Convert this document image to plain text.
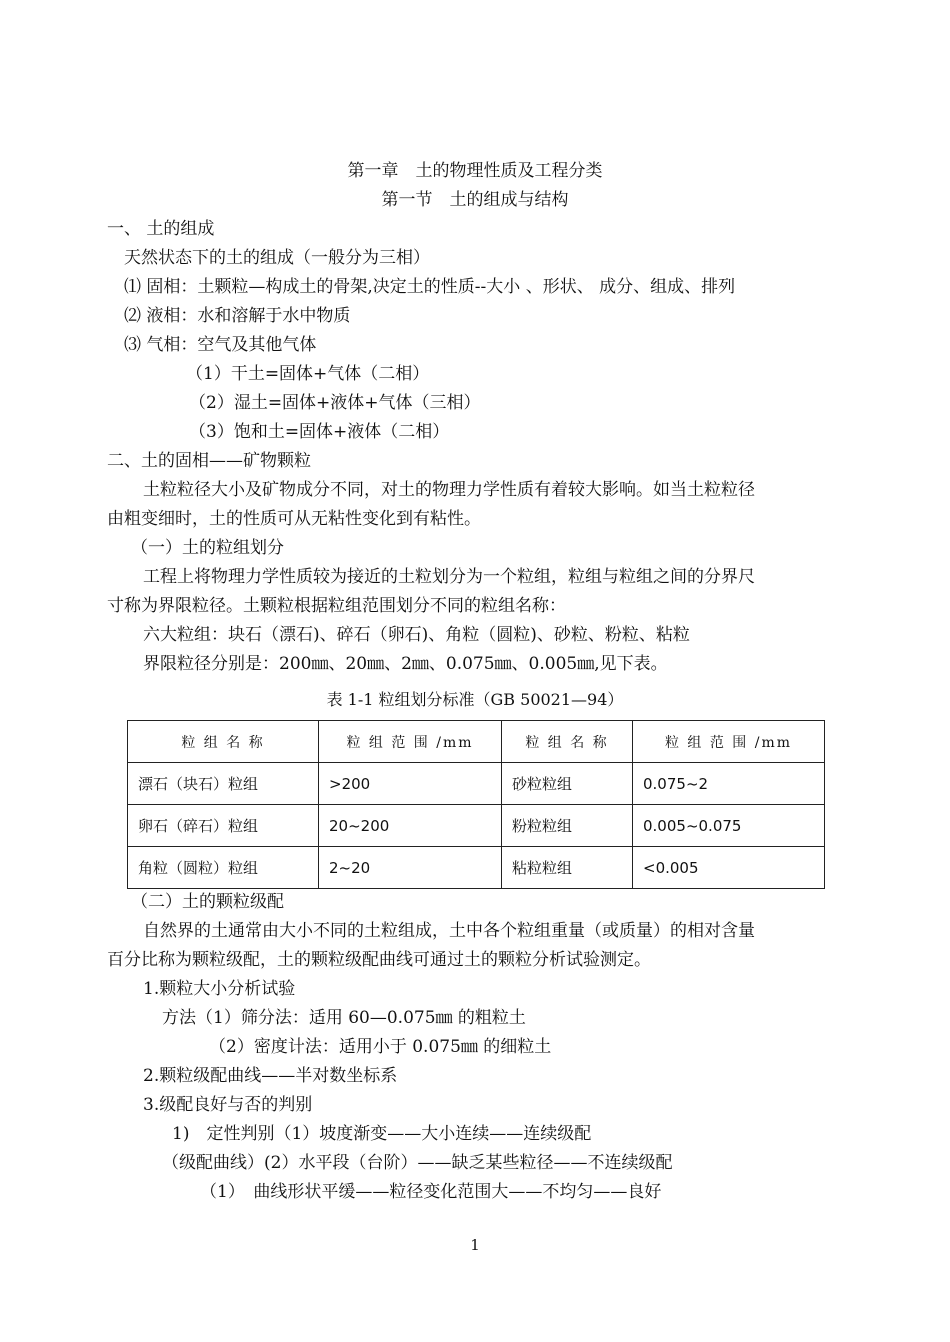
第一章　土的物理性质及工程分类
第一节　土的组成与结构
一、 土的组成
天然状态下的土的组成（一般分为三相）
⑴ 固相：土颗粒—构成土的骨架,决定土的性质--大小 、形状、 成分、组成、排列
⑵ 液相：水和溶解于水中物质
⑶ 气相：空气及其他气体
（1）干土=固体+气体（二相）
（2）湿土=固体+液体+气体（三相）
（3）饱和土=固体+液体（二相）
二、土的固相——矿物颗粒
土粒粒径大小及矿物成分不同，对土的物理力学性质有着较大影响。如当土粒粒径
由粗变细时，土的性质可从无粘性变化到有粘性。
（一）土的粒组划分
工程上将物理力学性质较为接近的土粒划分为一个粒组，粒组与粒组之间的分界尺
寸称为界限粒径。土颗粒根据粒组范围划分不同的粒组名称：
六大粒组：块石（漂石)、碎石（卵石)、角粒（圆粒)、砂粒、粉粒、粘粒
界限粒径分别是：200㎜、20㎜、2㎜、0.075㎜、0.005㎜,见下表。
表 1-1 粒组划分标准（GB 50021—94）
粒 组 名 称	粒 组 范 围 /mm	粒 组 名 称	粒 组 范 围 /mm
漂石（块石）粒组	>200	砂粒粒组	0.075~2
卵石（碎石）粒组	20~200	粉粒粒组	0.005~0.075
角粒（圆粒）粒组	2~20	粘粒粒组	<0.005
（二）土的颗粒级配
自然界的土通常由大小不同的土粒组成，土中各个粒组重量（或质量）的相对含量
百分比称为颗粒级配，土的颗粒级配曲线可通过土的颗粒分析试验测定。
1.颗粒大小分析试验
方法（1）筛分法：适用 60—0.075㎜ 的粗粒土
（2）密度计法：适用小于 0.075㎜ 的细粒土
2.颗粒级配曲线——半对数坐标系
3.级配良好与否的判别
1)　定性判别（1）坡度渐变——大小连续——连续级配
（级配曲线）(2）水平段（台阶）——缺乏某些粒径——不连续级配
（1）　曲线形状平缓——粒径变化范围大——不均匀——良好
1
